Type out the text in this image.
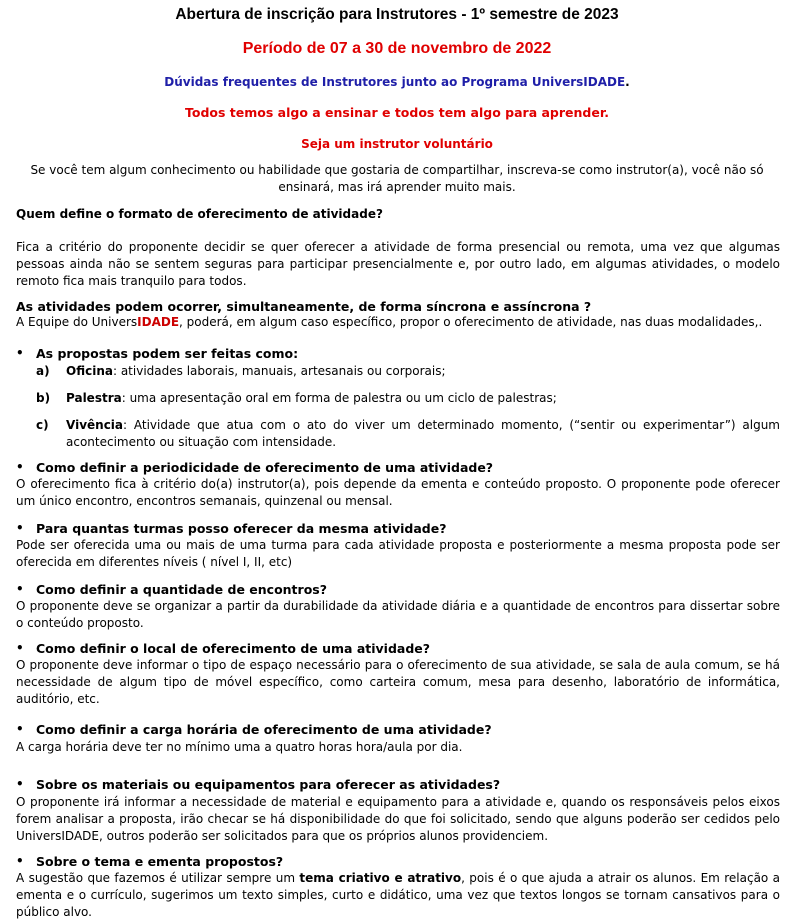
Abertura de inscrição para Instrutores - 1º semestre de 2023
Período de 07 a 30 de novembro de 2022
Dúvidas frequentes de Instrutores junto ao Programa UniversIDADE.
Todos temos algo a ensinar e todos tem algo para aprender.
Seja um instrutor voluntário
Se você tem algum conhecimento ou habilidade que gostaria de compartilhar, inscreva-se como instrutor(a), você não só ensinará, mas irá aprender muito mais.
Quem define o formato de oferecimento de atividade?
Fica a critério do proponente decidir se quer oferecer a atividade de forma presencial ou remota, uma vez que algumas pessoas ainda não se sentem seguras para participar presencialmente e, por outro lado, em algumas atividades, o modelo remoto fica mais tranquilo para todos.
As atividades podem ocorrer, simultaneamente, de forma síncrona e assíncrona ?
A Equipe do UniversIDADE, poderá, em algum caso específico, propor o oferecimento de atividade, nas duas modalidades,.
• As propostas podem ser feitas como:
a) Oficina: atividades laborais, manuais, artesanais ou corporais;
b) Palestra: uma apresentação oral em forma de palestra ou um ciclo de palestras;
c) Vivência: Atividade que atua com o ato do viver um determinado momento, (“sentir ou experimentar”) algum acontecimento ou situação com intensidade.
• Como definir a periodicidade de oferecimento de uma atividade?
O oferecimento fica à critério do(a) instrutor(a), pois depende da ementa e conteúdo proposto. O proponente pode oferecer um único encontro, encontros semanais, quinzenal ou mensal.
• Para quantas turmas posso oferecer da mesma atividade?
Pode ser oferecida uma ou mais de uma turma para cada atividade proposta e posteriormente a mesma proposta pode ser oferecida em diferentes níveis ( nível I, II, etc)
• Como definir a quantidade de encontros?
O proponente deve se organizar a partir da durabilidade da atividade diária e a quantidade de encontros para dissertar sobre o conteúdo proposto.
• Como definir o local de oferecimento de uma atividade?
O proponente deve informar o tipo de espaço necessário para o oferecimento de sua atividade, se sala de aula comum, se há necessidade de algum tipo de móvel específico, como carteira comum, mesa para desenho, laboratório de informática, auditório, etc.
• Como definir a carga horária de oferecimento de uma atividade?
A carga horária deve ter no mínimo uma a quatro horas hora/aula por dia.
• Sobre os materiais ou equipamentos para oferecer as atividades?
O proponente irá informar a necessidade de material e equipamento para a atividade e, quando os responsáveis pelos eixos forem analisar a proposta, irão checar se há disponibilidade do que foi solicitado, sendo que alguns poderão ser cedidos pelo UniversIDADE, outros poderão ser solicitados para que os próprios alunos providenciem.
• Sobre o tema e ementa propostos?
A sugestão que fazemos é utilizar sempre um tema criativo e atrativo, pois é o que ajuda a atrair os alunos. Em relação a ementa e o currículo, sugerimos um texto simples, curto e didático, uma vez que textos longos se tornam cansativos para o público alvo.
